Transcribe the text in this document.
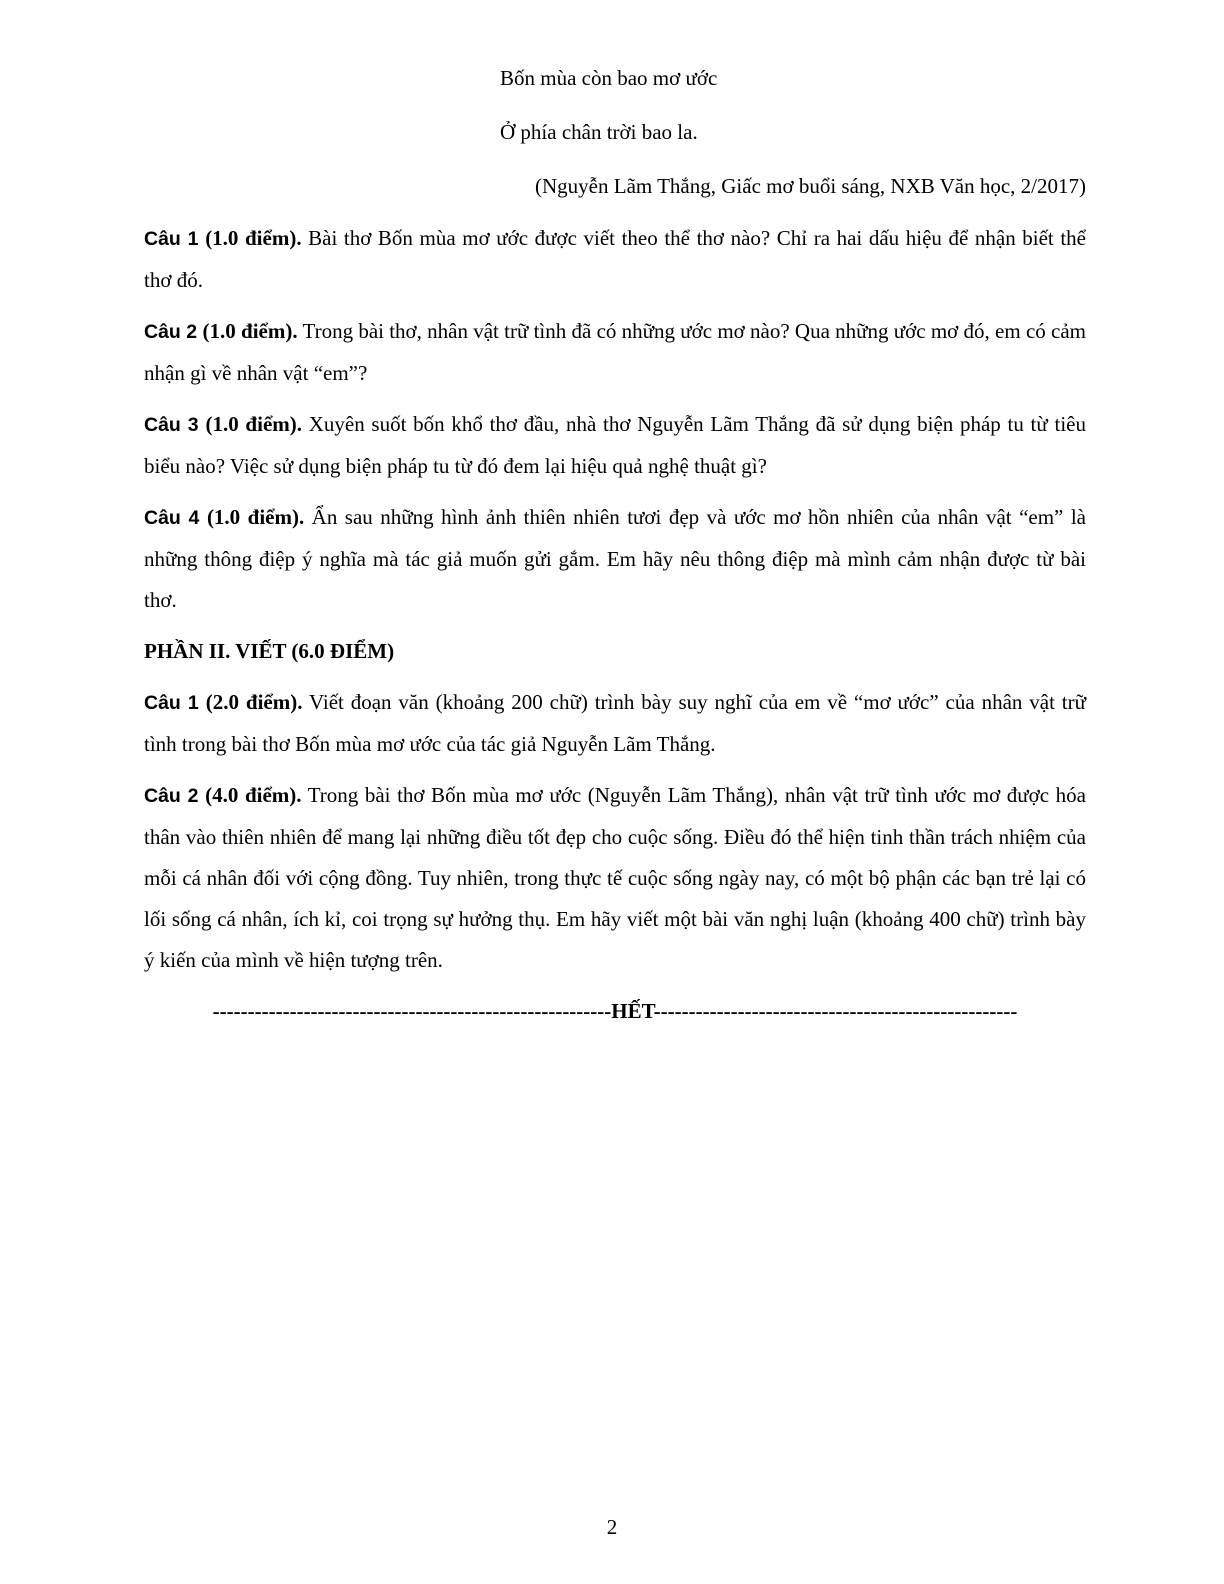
Bốn mùa còn bao mơ ước
Ở phía chân trời bao la.
(Nguyễn Lãm Thắng, Giấc mơ buổi sáng, NXB Văn học, 2/2017)
Câu 1 (1.0 điểm). Bài thơ Bốn mùa mơ ước được viết theo thể thơ nào? Chỉ ra hai dấu hiệu để nhận biết thể thơ đó.
Câu 2 (1.0 điểm). Trong bài thơ, nhân vật trữ tình đã có những ước mơ nào? Qua những ước mơ đó, em có cảm nhận gì về nhân vật “em”?
Câu 3 (1.0 điểm). Xuyên suốt bốn khổ thơ đầu, nhà thơ Nguyễn Lãm Thắng đã sử dụng biện pháp tu từ tiêu biểu nào? Việc sử dụng biện pháp tu từ đó đem lại hiệu quả nghệ thuật gì?
Câu 4 (1.0 điểm). Ẩn sau những hình ảnh thiên nhiên tươi đẹp và ước mơ hồn nhiên của nhân vật “em” là những thông điệp ý nghĩa mà tác giả muốn gửi gắm. Em hãy nêu thông điệp mà mình cảm nhận được từ bài thơ.
PHẦN II. VIẾT (6.0 ĐIỂM)
Câu 1 (2.0 điểm). Viết đoạn văn (khoảng 200 chữ) trình bày suy nghĩ của em về “mơ ước” của nhân vật trữ tình trong bài thơ Bốn mùa mơ ước của tác giả Nguyễn Lãm Thắng.
Câu 2 (4.0 điểm). Trong bài thơ Bốn mùa mơ ước (Nguyễn Lãm Thắng), nhân vật trữ tình ước mơ được hóa thân vào thiên nhiên để mang lại những điều tốt đẹp cho cuộc sống. Điều đó thể hiện tinh thần trách nhiệm của mỗi cá nhân đối với cộng đồng. Tuy nhiên, trong thực tế cuộc sống ngày nay, có một bộ phận các bạn trẻ lại có lối sống cá nhân, ích kỉ, coi trọng sự hưởng thụ. Em hãy viết một bài văn nghị luận (khoảng 400 chữ) trình bày ý kiến của mình về hiện tượng trên.
---------------------------------------------------------HẾT----------------------------------------------------
2
